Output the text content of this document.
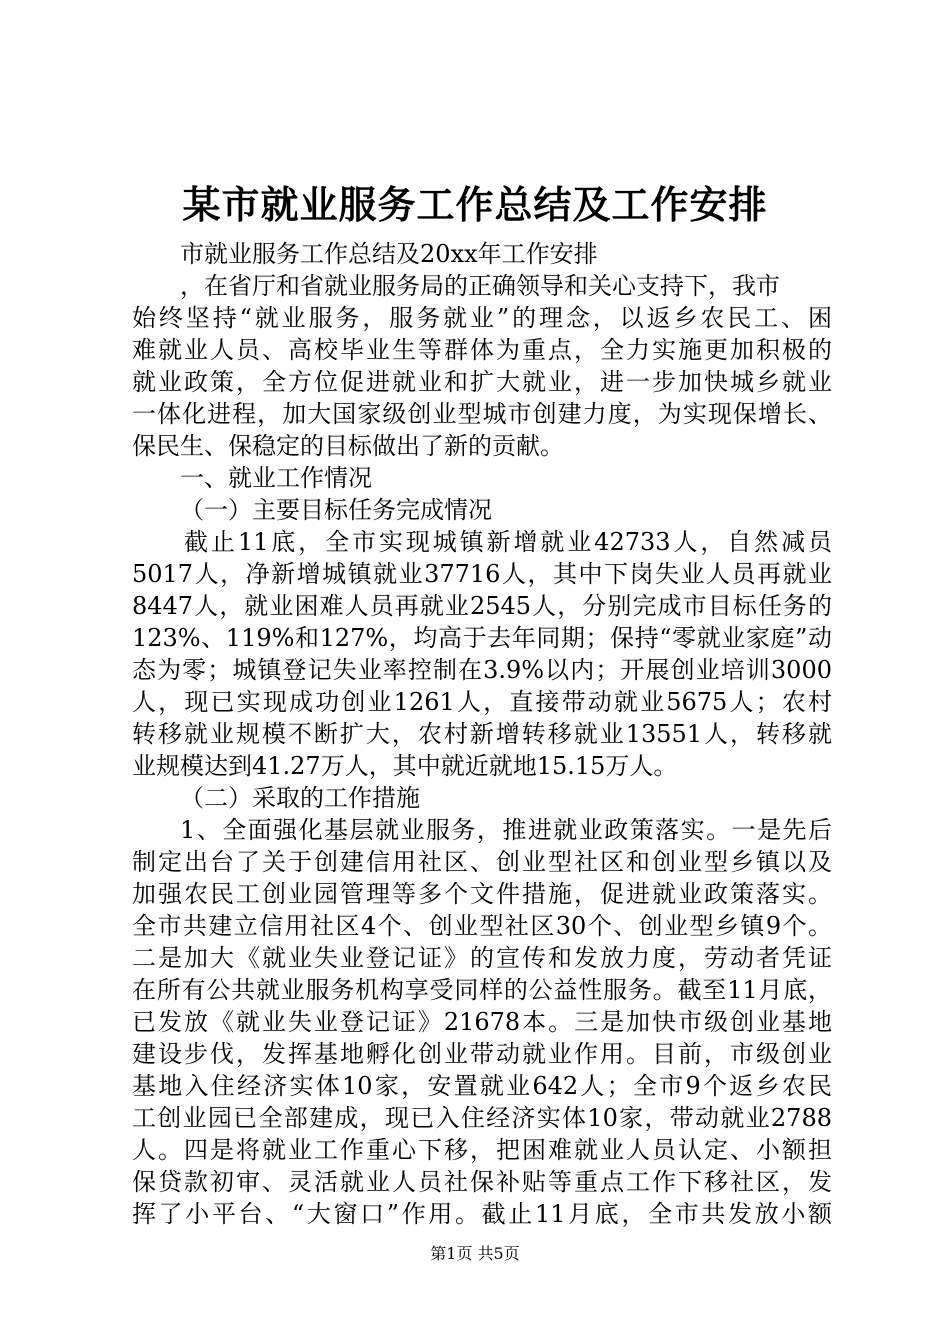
某市就业服务工作总结及工作安排
市就业服务工作总结及20xx年工作安排
，在省厅和省就业服务局的正确领导和关心支持下，我市
始终坚持“就业服务，服务就业”的理念，以返乡农民工、困
难就业人员、高校毕业生等群体为重点，全力实施更加积极的
就业政策，全方位促进就业和扩大就业，进一步加快城乡就业
一体化进程，加大国家级创业型城市创建力度，为实现保增长、
保民生、保稳定的目标做出了新的贡献。
一、就业工作情况
（一）主要目标任务完成情况
截止11底，全市实现城镇新增就业42733人，自然减员
5017人，净新增城镇就业37716人，其中下岗失业人员再就业
8447人，就业困难人员再就业2545人，分别完成市目标任务的
123%、119%和127%，均高于去年同期；保持“零就业家庭”动
态为零；城镇登记失业率控制在3.9%以内；开展创业培训3000
人，现已实现成功创业1261人，直接带动就业5675人；农村
转移就业规模不断扩大，农村新增转移就业13551人，转移就
业规模达到41.27万人，其中就近就地15.15万人。
（二）采取的工作措施
1、全面强化基层就业服务，推进就业政策落实。一是先后
制定出台了关于创建信用社区、创业型社区和创业型乡镇以及
加强农民工创业园管理等多个文件措施，促进就业政策落实。
全市共建立信用社区4个、创业型社区30个、创业型乡镇9个。
二是加大《就业失业登记证》的宣传和发放力度，劳动者凭证
在所有公共就业服务机构享受同样的公益性服务。截至11月底，
已发放《就业失业登记证》21678本。三是加快市级创业基地
建设步伐，发挥基地孵化创业带动就业作用。目前，市级创业
基地入住经济实体10家，安置就业642人；全市9个返乡农民
工创业园已全部建成，现已入住经济实体10家，带动就业2788
人。四是将就业工作重心下移，把困难就业人员认定、小额担
保贷款初审、灵活就业人员社保补贴等重点工作下移社区，发
挥了小平台、“大窗口”作用。截止11月底，全市共发放小额
第1页 共5页
